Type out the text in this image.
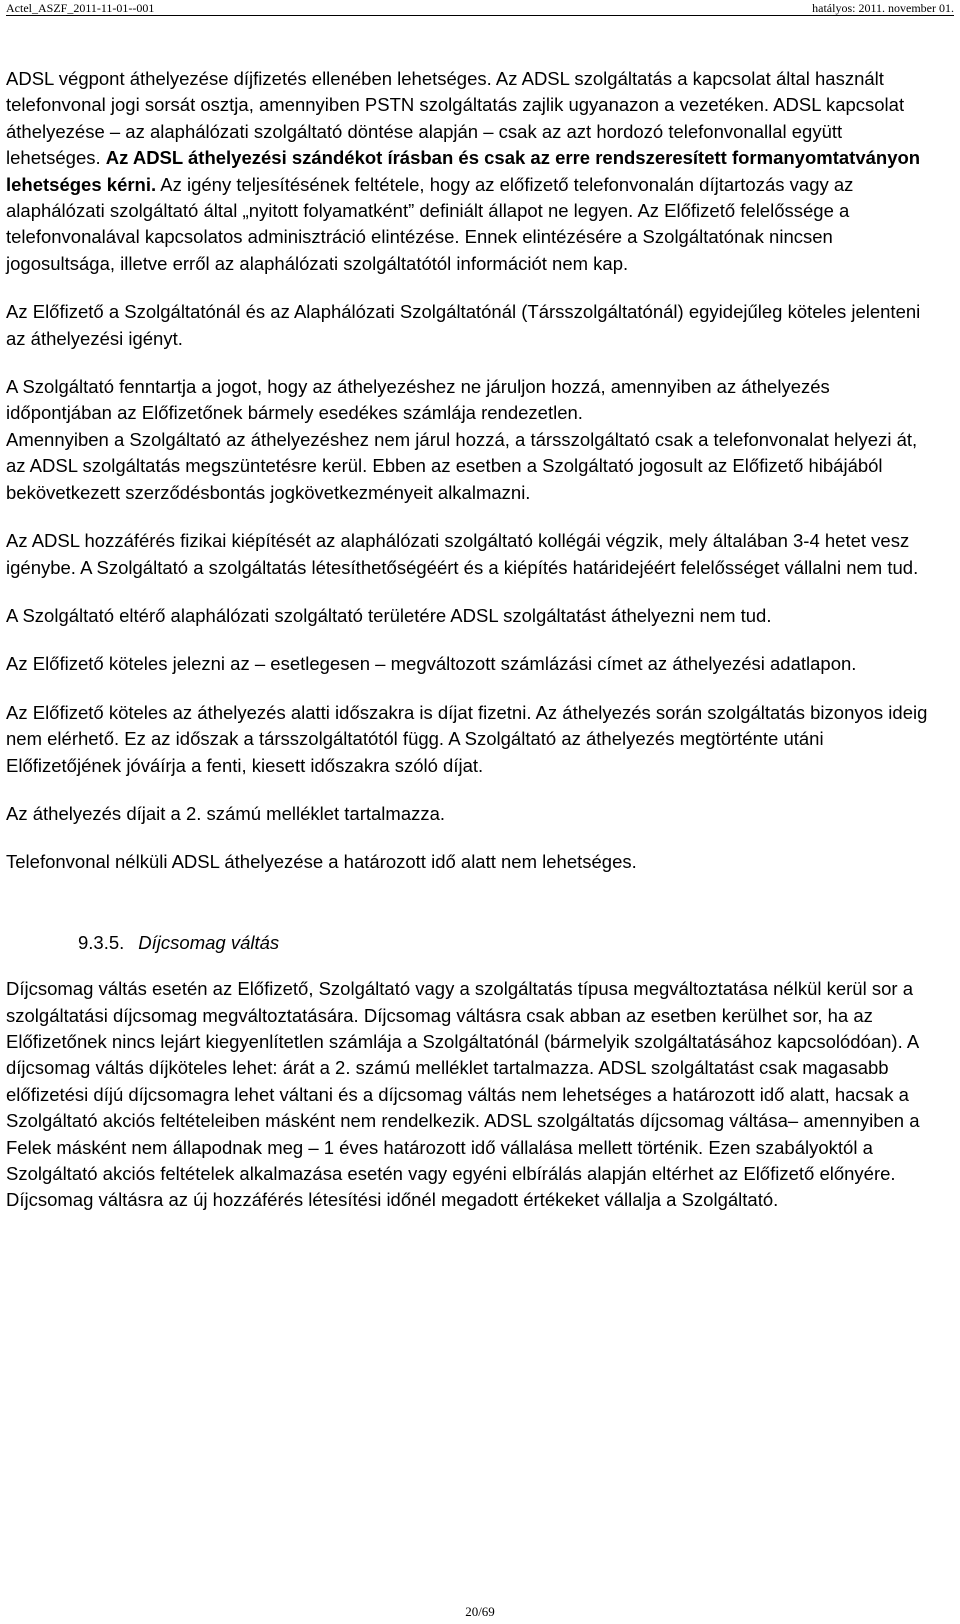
Actel_ASZF_2011-11-01--001	hatályos: 2011. november 01.

ADSL végpont áthelyezése díjfizetés ellenében lehetséges. Az ADSL szolgáltatás a kapcsolat által használt telefonvonal jogi sorsát osztja, amennyiben PSTN szolgáltatás zajlik ugyanazon a vezetéken. ADSL kapcsolat áthelyezése – az alaphálózati szolgáltató döntése alapján – csak az azt hordozó telefonvonallal együtt lehetséges. Az ADSL áthelyezési szándékot írásban és csak az erre rendszeresített formanyomtatványon lehetséges kérni. Az igény teljesítésének feltétele, hogy az előfizető telefonvonalán díjtartozás vagy az alaphálózati szolgáltató által „nyitott folyamatként” definiált állapot ne legyen. Az Előfizető felelőssége a telefonvonalával kapcsolatos adminisztráció elintézése. Ennek elintézésére a Szolgáltatónak nincsen jogosultsága, illetve erről az alaphálózati szolgáltatótól információt nem kap.

Az Előfizető a Szolgáltatónál és az Alaphálózati Szolgáltatónál (Társszolgáltatónál) egyidejűleg köteles jelenteni az áthelyezési igényt.

A Szolgáltató fenntartja a jogot, hogy az áthelyezéshez ne járuljon hozzá, amennyiben az áthelyezés időpontjában az Előfizetőnek bármely esedékes számlája rendezetlen.
Amennyiben a Szolgáltató az áthelyezéshez nem járul hozzá, a társszolgáltató csak a telefonvonalat helyezi át, az ADSL szolgáltatás megszüntetésre kerül. Ebben az esetben a Szolgáltató jogosult az Előfizető hibájából bekövetkezett szerződésbontás jogkövetkezményeit alkalmazni.

Az ADSL hozzáférés fizikai kiépítését az alaphálózati szolgáltató kollégái végzik, mely általában 3-4 hetet vesz igénybe. A Szolgáltató a szolgáltatás létesíthetőségéért és a kiépítés határidejéért felelősséget vállalni nem tud.

A Szolgáltató eltérő alaphálózati szolgáltató területére ADSL szolgáltatást áthelyezni nem tud.

Az Előfizető köteles jelezni az – esetlegesen – megváltozott számlázási címet az áthelyezési adatlapon.

Az Előfizető köteles az áthelyezés alatti időszakra is díjat fizetni. Az áthelyezés során szolgáltatás bizonyos ideig nem elérhető. Ez az időszak a társszolgáltatótól függ. A Szolgáltató az áthelyezés megtörténte utáni Előfizetőjének jóváírja a fenti, kiesett időszakra szóló díjat.

Az áthelyezés díjait a 2. számú melléklet tartalmazza.

Telefonvonal nélküli ADSL áthelyezése a határozott idő alatt nem lehetséges.

9.3.5. Díjcsomag váltás

Díjcsomag váltás esetén az Előfizető, Szolgáltató vagy a szolgáltatás típusa megváltoztatása nélkül kerül sor a szolgáltatási díjcsomag megváltoztatására. Díjcsomag váltásra csak abban az esetben kerülhet sor, ha az Előfizetőnek nincs lejárt kiegyenlítetlen számlája a Szolgáltatónál (bármelyik szolgáltatásához kapcsolódóan). A díjcsomag váltás díjköteles lehet: árát a 2. számú melléklet tartalmazza. ADSL szolgáltatást csak magasabb előfizetési díjú díjcsomagra lehet váltani és a díjcsomag váltás nem lehetséges a határozott idő alatt, hacsak a Szolgáltató akciós feltételeiben másként nem rendelkezik. ADSL szolgáltatás díjcsomag váltása– amennyiben a Felek másként nem állapodnak meg – 1 éves határozott idő vállalása mellett történik. Ezen szabályoktól a Szolgáltató akciós feltételek alkalmazása esetén vagy egyéni elbírálás alapján eltérhet az Előfizető előnyére. Díjcsomag váltásra az új hozzáférés létesítési időnél megadott értékeket vállalja a Szolgáltató.

20/69
